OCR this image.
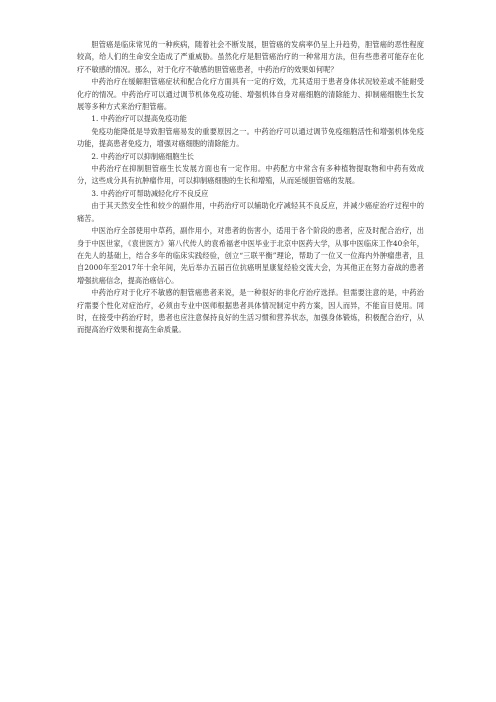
胆管癌是临床常见的一种疾病，随着社会不断发展，胆管癌的发病率仍呈上升趋势，胆管癌的恶性程度较高，给人们的生命安全造成了严重威胁。虽然化疗是胆管癌治疗的一种常用方法，但有些患者可能存在化疗不敏感的情况。那么，对于化疗不敏感的胆管癌患者，中药治疗的效果如何呢？

中药治疗在缓解胆管癌症状和配合化疗方面具有一定的疗效，尤其适用于患者身体状况较差或不能耐受化疗的情况。中药治疗可以通过调节机体免疫功能、增强机体自身对癌细胞的清除能力、抑制癌细胞生长发展等多种方式来治疗胆管癌。

1. 中药治疗可以提高免疫功能

免疫功能降低是导致胆管癌易发的重要原因之一。中药治疗可以通过调节免疫细胞活性和增强机体免疫功能，提高患者免疫力，增强对癌细胞的清除能力。

2. 中药治疗可以抑制癌细胞生长

中药治疗在抑制胆管癌生长发展方面也有一定作用。中药配方中常含有多种植物提取物和中药有效成分，这些成分具有抗肿瘤作用，可以抑制癌细胞的生长和增殖，从而延缓胆管癌的发展。

3. 中药治疗可帮助减轻化疗不良反应

由于其天然安全性和较少的副作用，中药治疗可以辅助化疗减轻其不良反应，并减少癌症治疗过程中的痛苦。

中医治疗全部使用中草药，副作用小，对患者的伤害小，适用于各个阶段的患者，应及时配合治疗，出身于中医世家，《袁世医方》第八代传人的袁希福老中医毕业于北京中医药大学，从事中医临床工作40余年，在先人的基础上，结合多年的临床实践经验，创立“三联平衡”理论，帮助了一位又一位海内外肿瘤患者，且自2000年至2017年十余年间，先后举办五届百位抗癌明星康复经验交流大会，为其他正在努力奋战的患者增强抗癌信念，提高治癌信心。

中药治疗对于化疗不敏感的胆管癌患者来说，是一种很好的非化疗治疗选择。但需要注意的是，中药治疗需要个性化对症治疗，必须由专业中医师根据患者具体情况制定中药方案，因人而异，不能盲目使用。同时，在接受中药治疗时，患者也应注意保持良好的生活习惯和营养状态，加强身体锻炼，积极配合治疗，从而提高治疗效果和提高生命质量。
